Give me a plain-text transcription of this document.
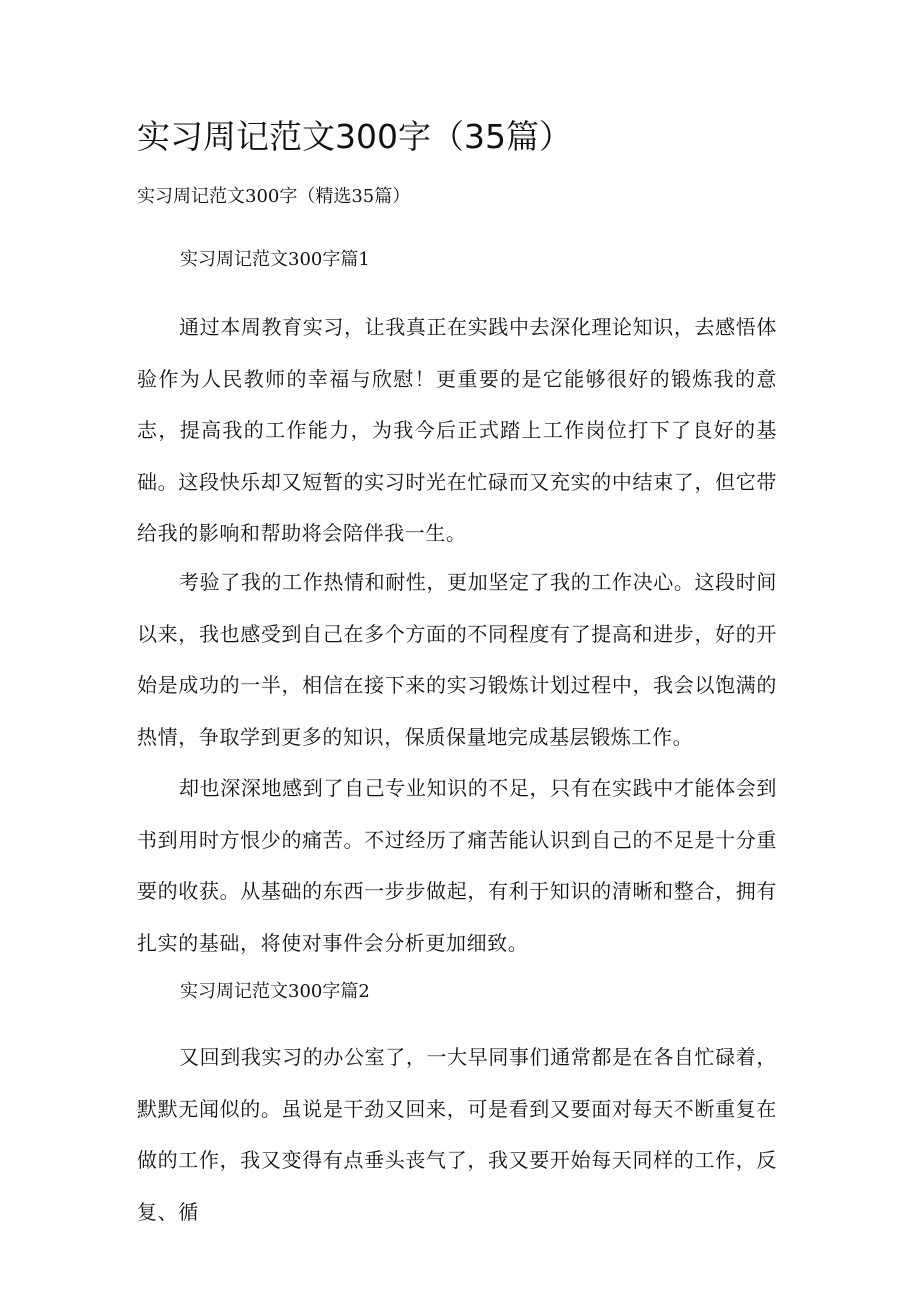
实习周记范文300字（35篇）
实习周记范文300字（精选35篇）
实习周记范文300字篇1

通过本周教育实习，让我真正在实践中去深化理论知识，去感悟体验作为人民教师的幸福与欣慰！更重要的是它能够很好的锻炼我的意志，提高我的工作能力，为我今后正式踏上工作岗位打下了良好的基础。这段快乐却又短暂的实习时光在忙碌而又充实的中结束了，但它带给我的影响和帮助将会陪伴我一生。

考验了我的工作热情和耐性，更加坚定了我的工作决心。这段时间以来，我也感受到自己在多个方面的不同程度有了提高和进步，好的开始是成功的一半，相信在接下来的实习锻炼计划过程中，我会以饱满的热情，争取学到更多的知识，保质保量地完成基层锻炼工作。

却也深深地感到了自己专业知识的不足，只有在实践中才能体会到书到用时方恨少的痛苦。不过经历了痛苦能认识到自己的不足是十分重要的收获。从基础的东西一步步做起，有利于知识的清晰和整合，拥有扎实的基础，将使对事件会分析更加细致。

实习周记范文300字篇2

又回到我实习的办公室了，一大早同事们通常都是在各自忙碌着，默默无闻似的。虽说是干劲又回来，可是看到又要面对每天不断重复在做的工作，我又变得有点垂头丧气了，我又要开始每天同样的工作，反复、循
